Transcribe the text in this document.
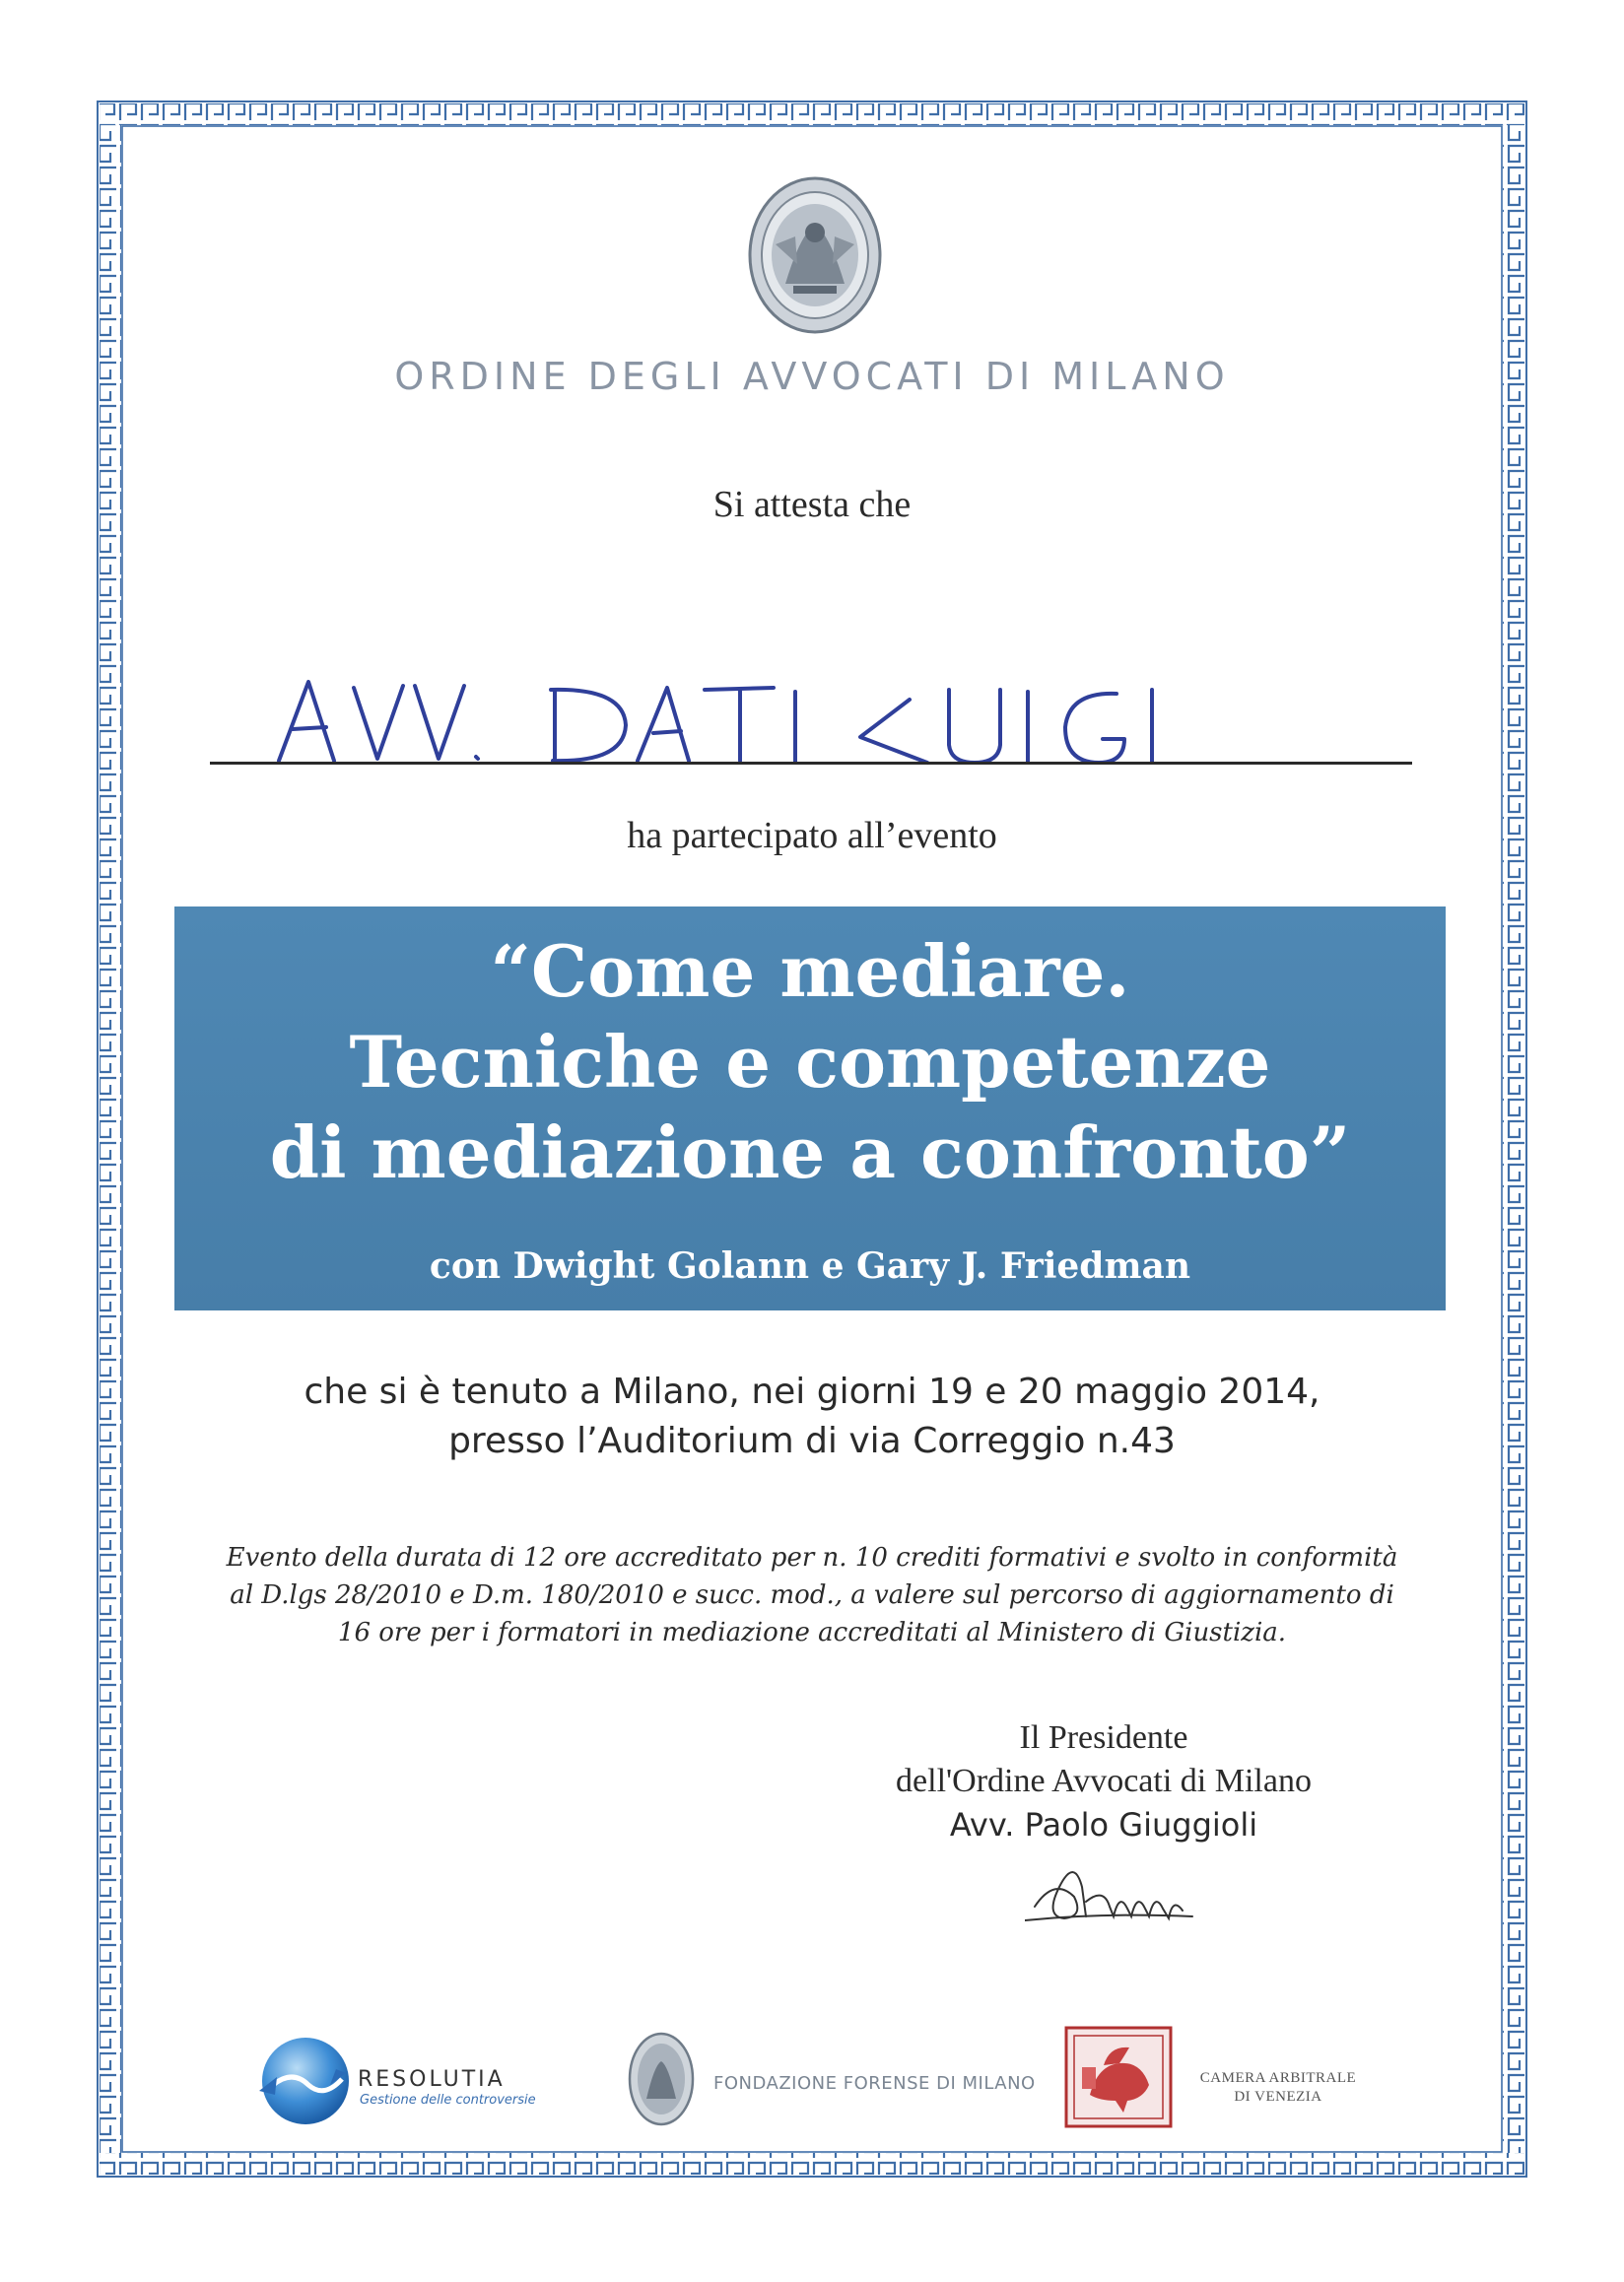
ORDINE DEGLI AVVOCATI DI MILANO
Si attesta che
ha partecipato all’evento
“Come mediare.
Tecniche e competenze
di mediazione a confronto”
con Dwight Golann e Gary J. Friedman
che si è tenuto a Milano, nei giorni 19 e 20 maggio 2014,
presso l’Auditorium di via Correggio n.43
Evento della durata di 12 ore accreditato per n. 10 crediti formativi e svolto in conformità
al D.lgs 28/2010 e D.m. 180/2010 e succ. mod., a valere sul percorso di aggiornamento di
16 ore per i formatori in mediazione accreditati al Ministero di Giustizia.
Il Presidente
dell'Ordine Avvocati di Milano
Avv. Paolo Giuggioli
RESOLUTIA
Gestione delle controversie
FONDAZIONE FORENSE DI MILANO	CAMERA ARBITRALE
DI VENEZIA
